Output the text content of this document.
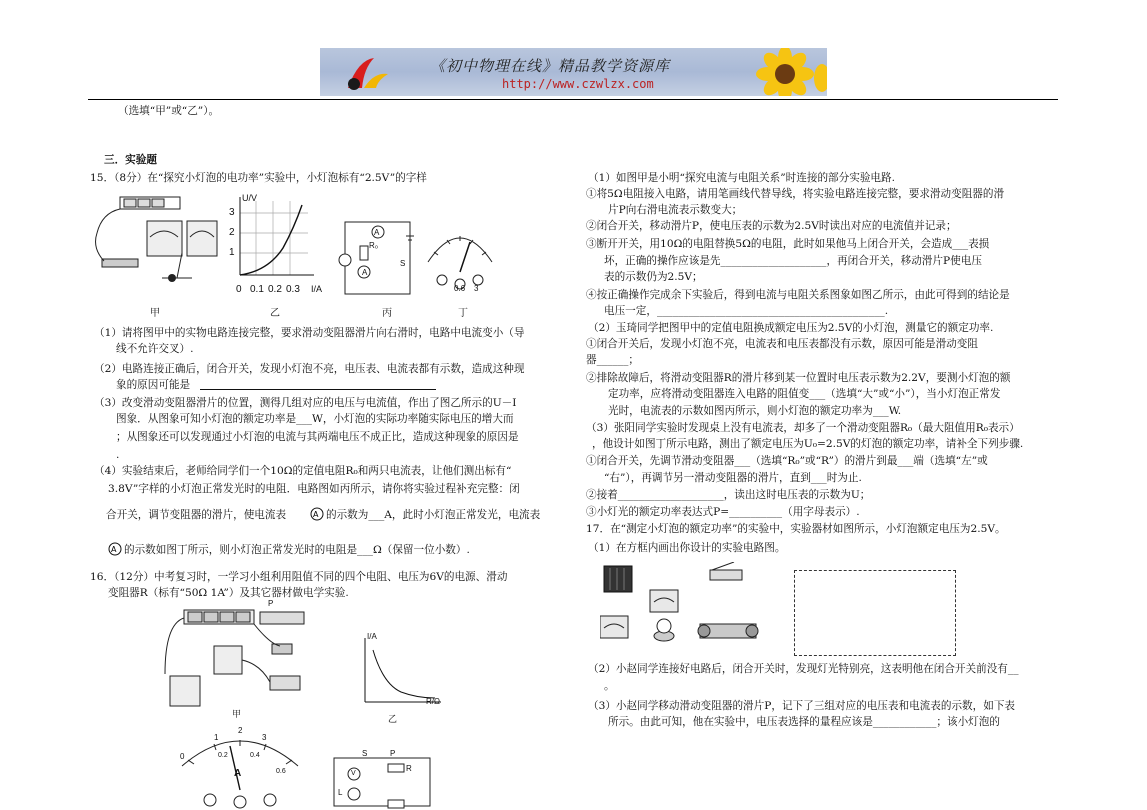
《初中物理在线》精品教学资源库
http://www.czwlzx.com
（选填“甲”或“乙”）。
三．实验题
15．（8分）在“探究小灯泡的电功率”实验中，小灯泡标有“2.5V”的字样
U/V
3
2
1
0 0.1 0.2 0.3 I/A
A
A
R₀
S
0.6 3
甲	乙	丙	丁
（1）请将图甲中的实物电路连接完整，要求滑动变阻器滑片向右滑时，电路中电流变小（导
线不允许交叉）.
（2）电路连接正确后，闭合开关，发现小灯泡不亮，电压表、电流表都有示数，造成这种现
象的原因可能是
（3）改变滑动变阻器滑片的位置，测得几组对应的电压与电流值，作出了图乙所示的U－I
图象．从图象可知小灯泡的额定功率是___W，小灯泡的实际功率随实际电压的增大而
；从图象还可以发现通过小灯泡的电流与其两端电压不成正比，造成这种现象的原因是
.
（4）实验结束后，老师给同学们一个10Ω的定值电阻R₀和两只电流表，让他们测出标有“
3.8V”字样的小灯泡正常发光时的电阻．电路图如丙所示，请你将实验过程补充完整：闭
合开关，调节变阻器的滑片，使电流表	A 的示数为___A，此时小灯泡正常发光，电流表
A 的示数如图丁所示，则小灯泡正常发光时的电阻是___Ω（保留一位小数）.
16．（12分）中考复习时，一学习小组利用阻值不同的四个电阻、电压为6V的电源、滑动
变阻器R（标有“50Ω 1A”）及其它器材做电学实验.
P
甲
I/A
R/Ω
乙
0
1
2
3
0.2	0.4
0.6
A
S	P
V
R
L
（1）如图甲是小明“探究电流与电阻关系”时连接的部分实验电路.
①将5Ω电阻接入电路，请用笔画线代替导线，将实验电路连接完整，要求滑动变阻器的滑
片P向右滑电流表示数变大；
②闭合开关，移动滑片P，使电压表的示数为2.5V时读出对应的电流值并记录；
③断开开关，用10Ω的电阻替换5Ω的电阻，此时如果他马上闭合开关，会造成___表损
坏，正确的操作应该是先____________________，再闭合开关，移动滑片P使电压
表的示数仍为2.5V；
④按正确操作完成余下实验后，得到电流与电阻关系图象如图乙所示，由此可得到的结论是
电压一定，___________________________________________.
（2）玉琦同学把图甲中的定值电阻换成额定电压为2.5V的小灯泡，测量它的额定功率.
①闭合开关后，发现小灯泡不亮，电流表和电压表都没有示数，原因可能是滑动变阻
器______；
②排除故障后，将滑动变阻器R的滑片移到某一位置时电压表示数为2.2V，要测小灯泡的额
定功率，应将滑动变阻器连入电路的阻值变___（选填“大”或“小”），当小灯泡正常发
光时，电流表的示数如图丙所示，则小灯泡的额定功率为___W.
（3）张阳同学实验时发现桌上没有电流表，却多了一个滑动变阻器R₀（最大阻值用R₀表示）
，他设计如图丁所示电路，测出了额定电压为U₀=2.5V的灯泡的额定功率，请补全下列步骤.
①闭合开关，先调节滑动变阻器___（选填“R₀”或“R”）的滑片到最___端（选填“左”或
“右”），再调节另一滑动变阻器的滑片，直到___时为止.
②接着____________________，读出这时电压表的示数为U；
③小灯光的额定功率表达式P=__________（用字母表示）.
17．在“测定小灯泡的额定功率”的实验中，实验器材如图所示，小灯泡额定电压为2.5V。
（1）在方框内画出你设计的实验电路图。
（2）小赵同学连接好电路后，闭合开关时，发现灯光特别亮，这表明他在闭合开关前没有__
。
（3）小赵同学移动滑动变阻器的滑片P，记下了三组对应的电压表和电流表的示数，如下表
所示。由此可知，他在实验中，电压表选择的量程应该是____________；该小灯泡的
